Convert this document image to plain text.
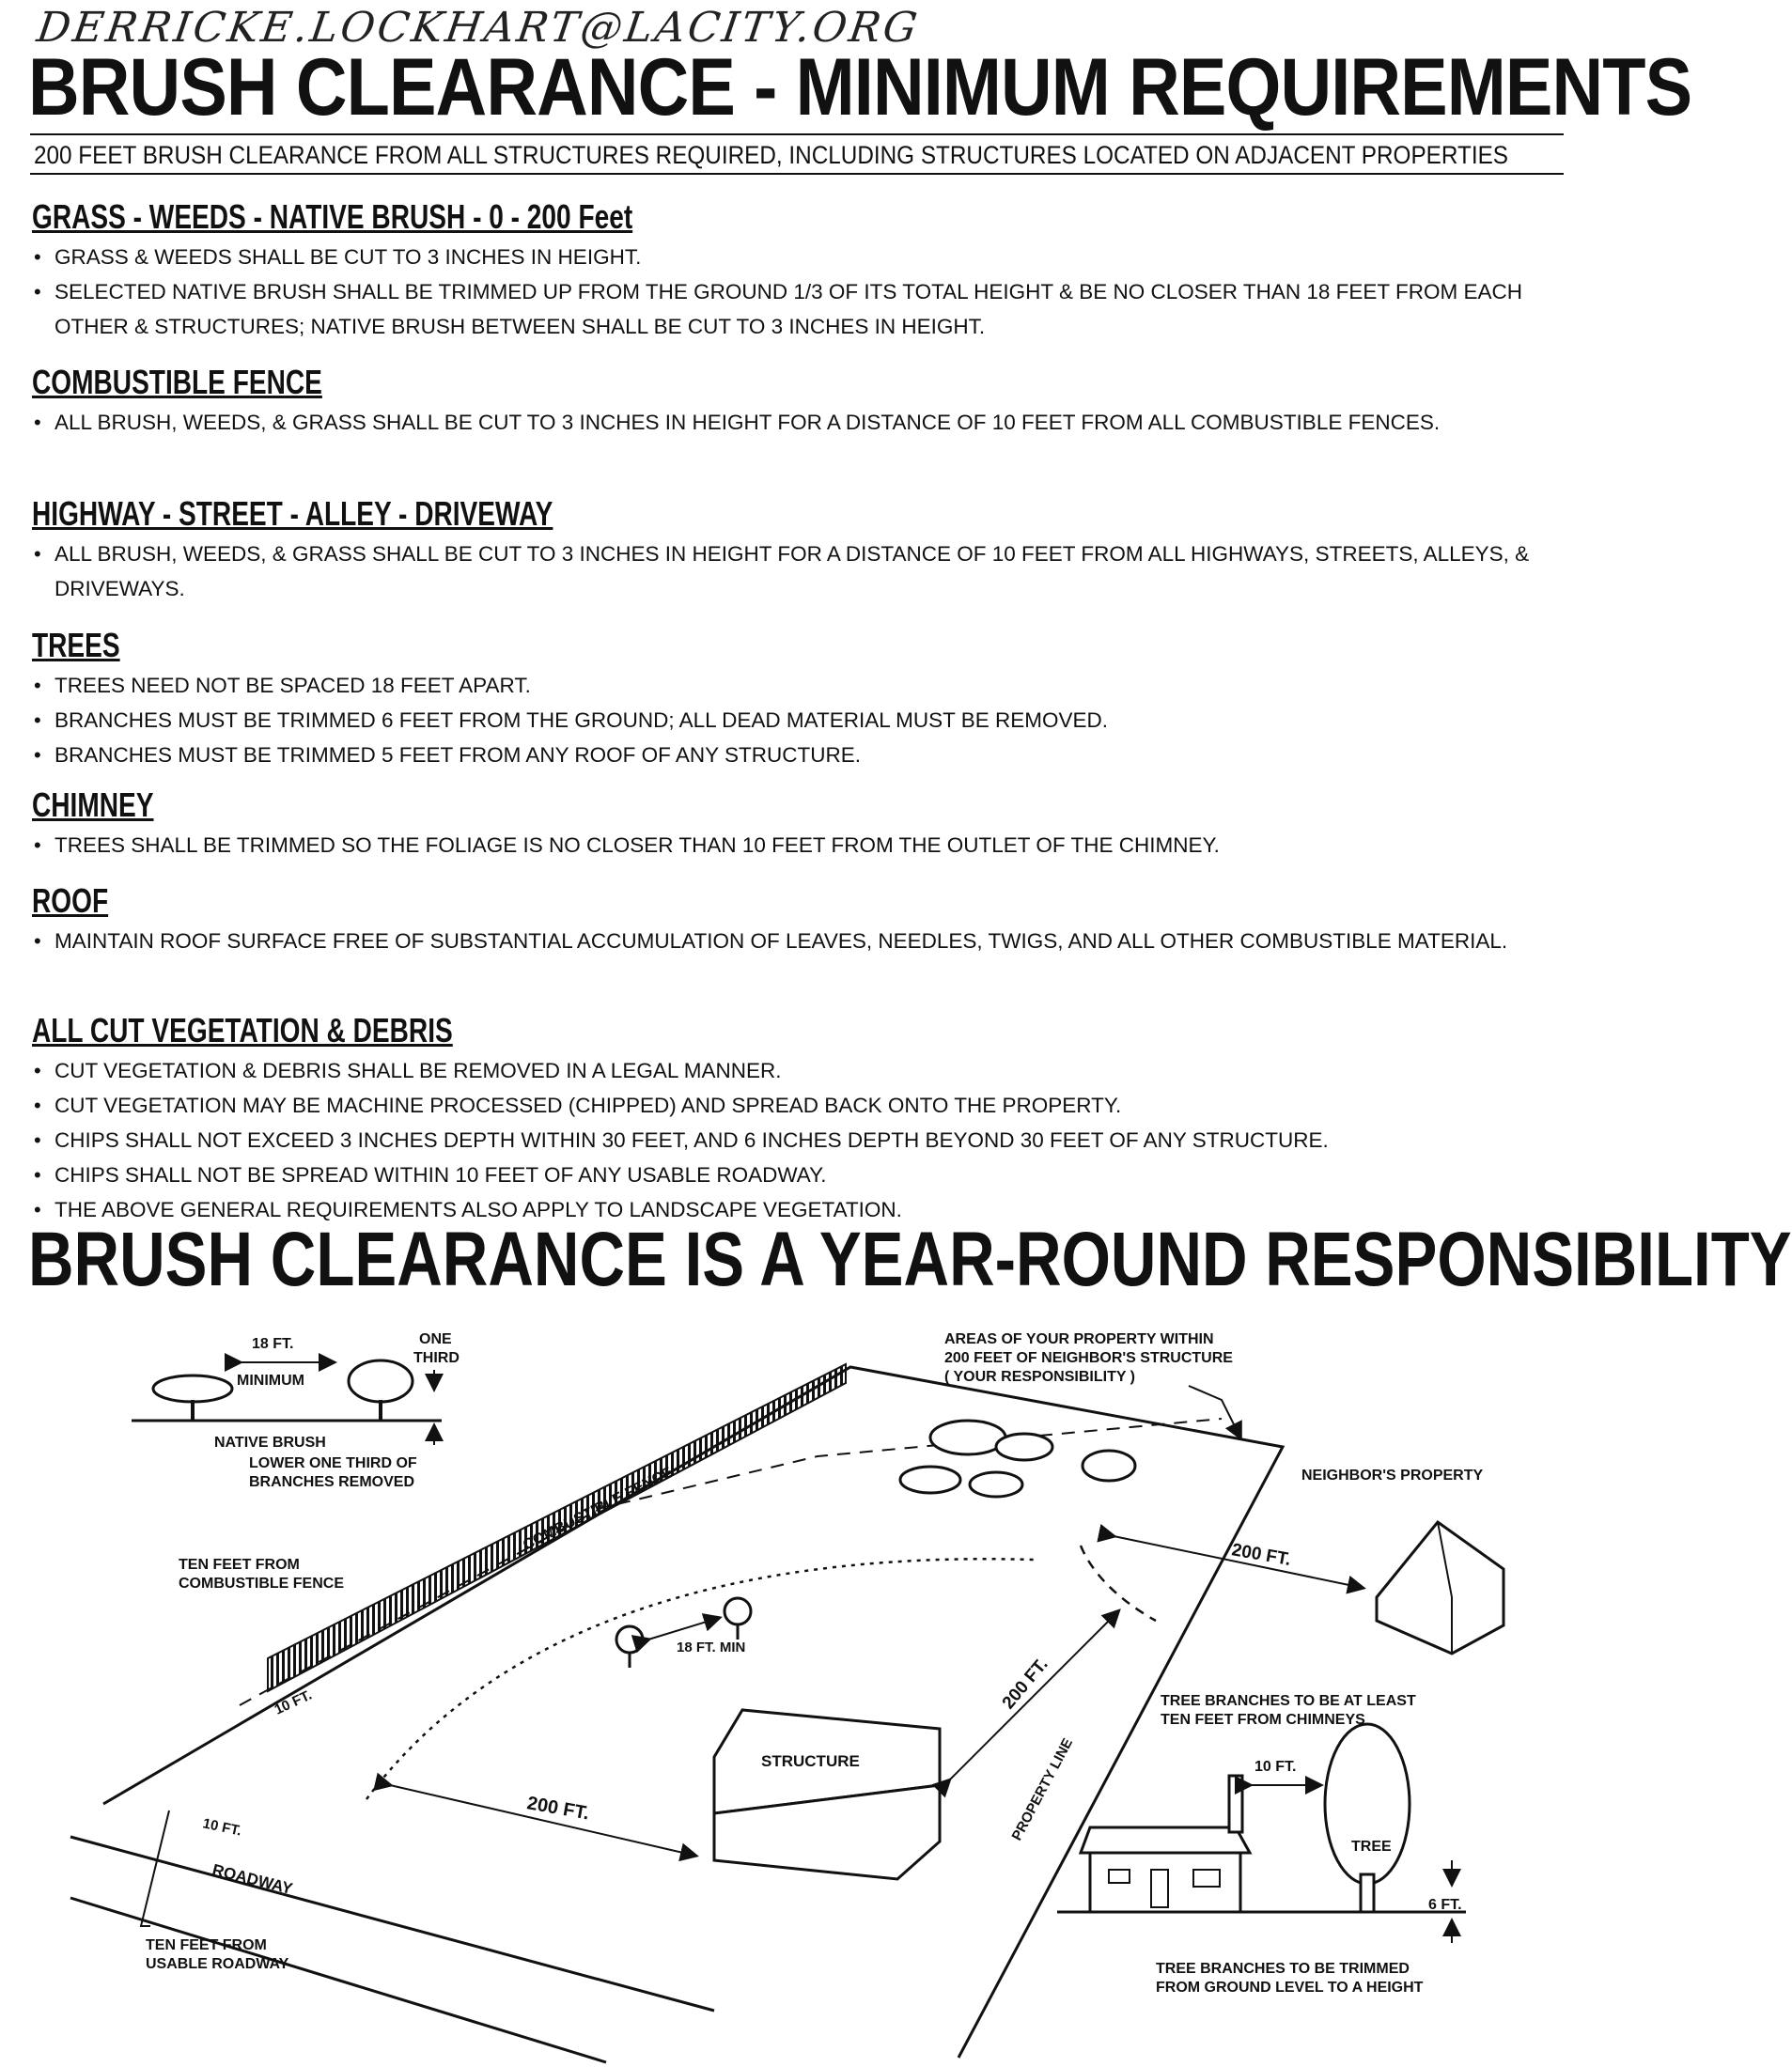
DERRICKE.LOCKHART@LACITY.ORG
BRUSH CLEARANCE - MINIMUM REQUIREMENTS
200 FEET BRUSH CLEARANCE FROM ALL STRUCTURES REQUIRED, INCLUDING STRUCTURES LOCATED ON ADJACENT PROPERTIES
GRASS - WEEDS - NATIVE BRUSH - 0 - 200 Feet
• GRASS & WEEDS SHALL BE CUT TO 3 INCHES IN HEIGHT.
• SELECTED NATIVE BRUSH SHALL BE TRIMMED UP FROM THE GROUND 1/3 OF ITS TOTAL HEIGHT & BE NO CLOSER THAN 18 FEET FROM EACH OTHER & STRUCTURES; NATIVE BRUSH BETWEEN SHALL BE CUT TO 3 INCHES IN HEIGHT.
COMBUSTIBLE FENCE
• ALL BRUSH, WEEDS, & GRASS SHALL BE CUT TO 3 INCHES IN HEIGHT FOR A DISTANCE OF 10 FEET FROM ALL COMBUSTIBLE FENCES.
HIGHWAY - STREET - ALLEY - DRIVEWAY
• ALL BRUSH, WEEDS, & GRASS SHALL BE CUT TO 3 INCHES IN HEIGHT FOR A DISTANCE OF 10 FEET FROM ALL HIGHWAYS, STREETS, ALLEYS, & DRIVEWAYS.
TREES
• TREES NEED NOT BE SPACED 18 FEET APART.
• BRANCHES MUST BE TRIMMED 6 FEET FROM THE GROUND; ALL DEAD MATERIAL MUST BE REMOVED.
• BRANCHES MUST BE TRIMMED 5 FEET FROM ANY ROOF OF ANY STRUCTURE.
CHIMNEY
• TREES SHALL BE TRIMMED SO THE FOLIAGE IS NO CLOSER THAN 10 FEET FROM THE OUTLET OF THE CHIMNEY.
ROOF
• MAINTAIN ROOF SURFACE FREE OF SUBSTANTIAL ACCUMULATION OF LEAVES, NEEDLES, TWIGS, AND ALL OTHER COMBUSTIBLE MATERIAL.
ALL CUT VEGETATION & DEBRIS
• CUT VEGETATION & DEBRIS SHALL BE REMOVED IN A LEGAL MANNER.
• CUT VEGETATION MAY BE MACHINE PROCESSED (CHIPPED) AND SPREAD BACK ONTO THE PROPERTY.
• CHIPS SHALL NOT EXCEED 3 INCHES DEPTH WITHIN 30 FEET, AND 6 INCHES DEPTH BEYOND 30 FEET OF ANY STRUCTURE.
• CHIPS SHALL NOT BE SPREAD WITHIN 10 FEET OF ANY USABLE ROADWAY.
• THE ABOVE GENERAL REQUIREMENTS ALSO APPLY TO LANDSCAPE VEGETATION.
BRUSH CLEARANCE IS A YEAR-ROUND RESPONSIBILITY
18 FT.
MINIMUM
ONE
THIRD
NATIVE BRUSH
LOWER ONE THIRD OF
BRANCHES REMOVED	COMBUSTIBLE FENCE
TEN FEET FROM
COMBUSTIBLE FENCE
10 FT.
18 FT. MIN
10 FT.
ROADWAY
TEN FEET FROM
USABLE ROADWAY
200 FT.
STRUCTURE
200 FT.
PROPERTY LINE
AREAS OF YOUR PROPERTY WITHIN
200 FEET OF NEIGHBOR'S STRUCTURE
( YOUR RESPONSIBILITY )
NEIGHBOR'S PROPERTY
200 FT.
TREE BRANCHES TO BE AT LEAST
TEN FEET FROM CHIMNEYS
TREE
10 FT.
6 FT.
TREE BRANCHES TO BE TRIMMED
FROM GROUND LEVEL TO A HEIGHT
